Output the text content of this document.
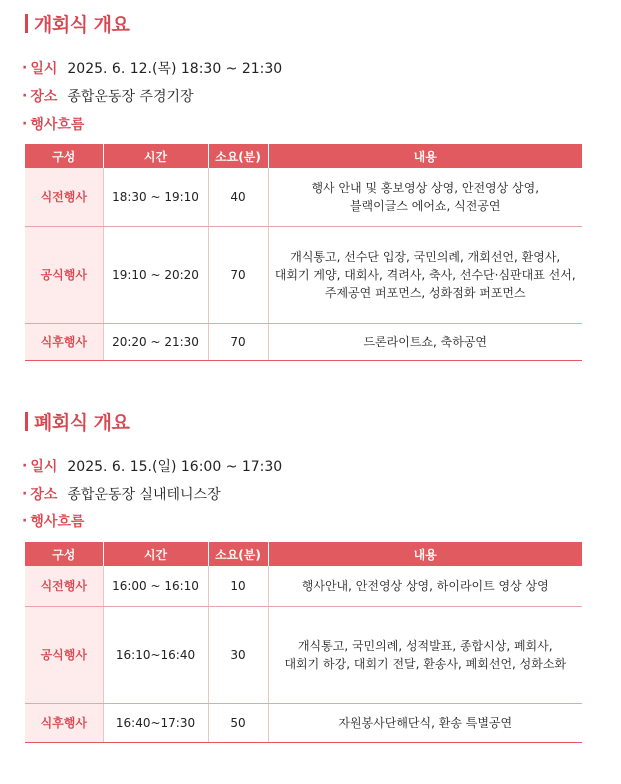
개회식 개요
· 일시 2025. 6. 12.(목) 18:30 ~ 21:30
· 장소 종합운동장 주경기장
· 행사흐름
구성	시간	소요(분)	내용
식전행사	18:30 ~ 19:10	40	행사 안내 및 홍보영상 상영, 안전영상 상영,
블랙이글스 에어쇼, 식전공연

공식행사	19:10 ~ 20:20	70	개식통고, 선수단 입장, 국민의례, 개회선언, 환영사,
대회기 게양, 대회사, 격려사, 축사, 선수단·심판대표 선서,
주제공연 퍼포먼스, 성화점화 퍼포먼스

식후행사	20:20 ~ 21:30	70	드론라이트쇼, 축하공연
폐회식 개요
· 일시 2025. 6. 15.(일) 16:00 ~ 17:30
· 장소 종합운동장 실내테니스장
· 행사흐름
구성	시간	소요(분)	내용
식전행사	16:00 ~ 16:10	10	행사안내, 안전영상 상영, 하이라이트 영상 상영

공식행사	16:10~16:40	30	개식통고, 국민의례, 성적발표, 종합시상, 폐회사,
대회기 하강, 대회기 전달, 환송사, 폐회선언, 성화소화

식후행사	16:40~17:30	50	자원봉사단해단식, 환송 특별공연
